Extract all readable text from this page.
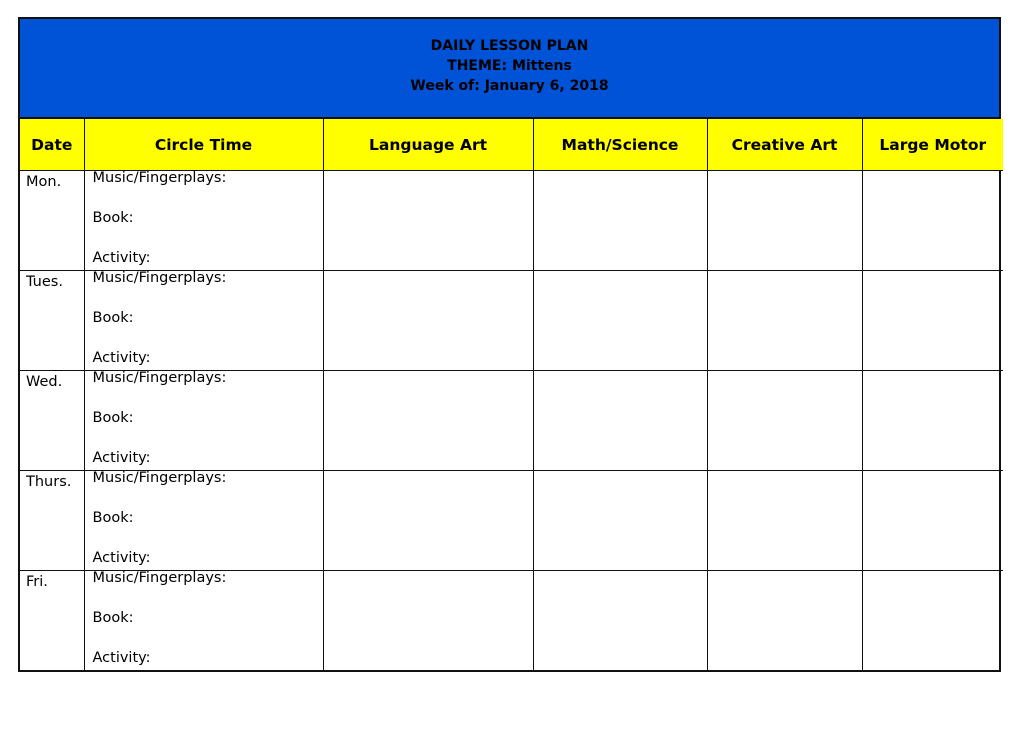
DAILY LESSON PLAN
THEME: Mittens
Week of: January 6, 2018
Date	Circle Time	Language Art	Math/Science	Creative Art	Large Motor
Mon.	Music/Fingerplays:
Book:
Activity:				

Tues.	Music/Fingerplays:
Book:
Activity:				

Wed.	Music/Fingerplays:
Book:
Activity:				

Thurs.	Music/Fingerplays:
Book:
Activity:				

Fri.	Music/Fingerplays:
Book:
Activity:				
